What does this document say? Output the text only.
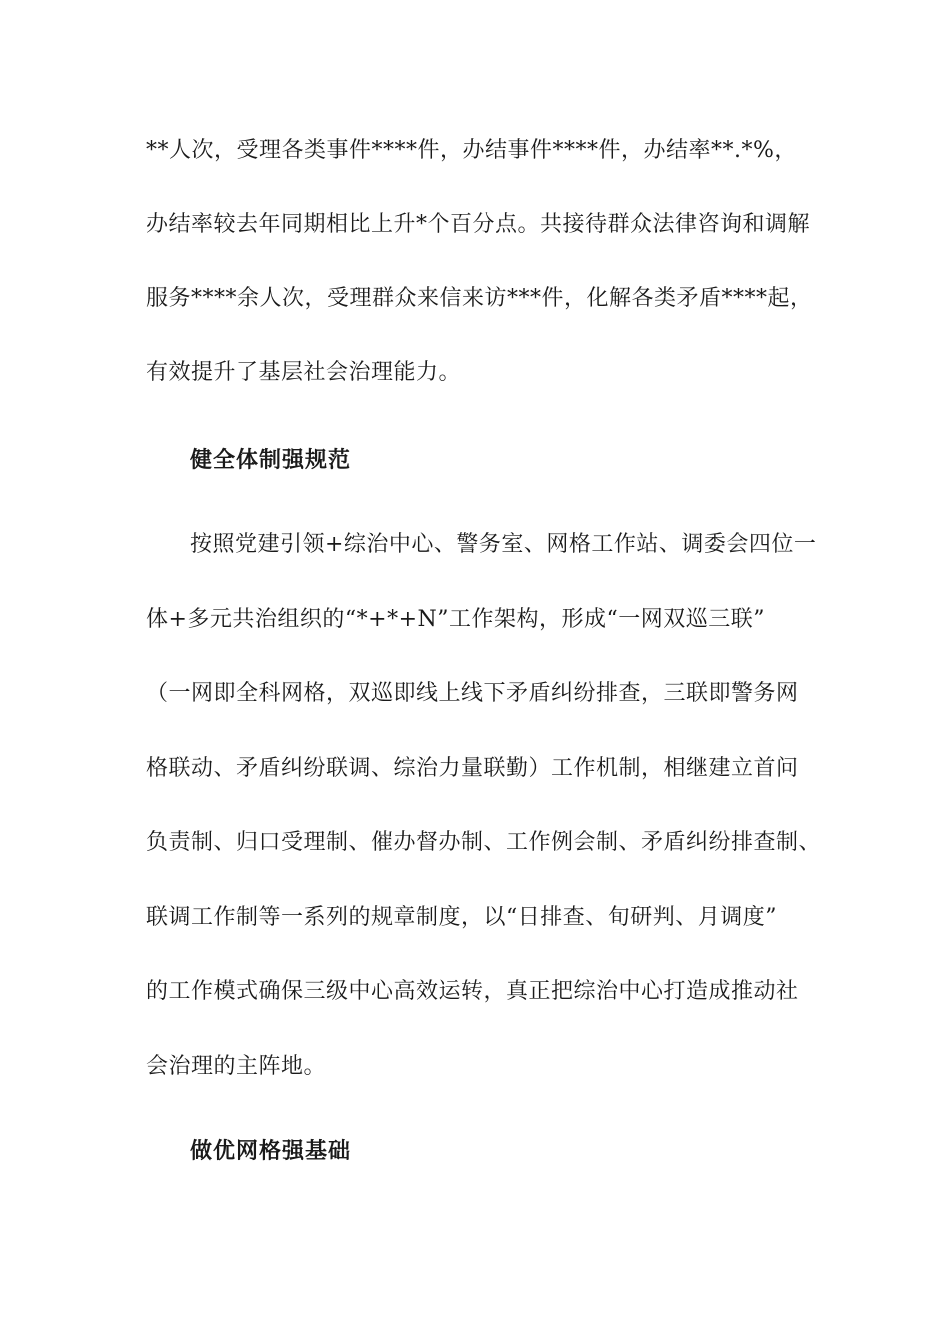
**人次，受理各类事件****件，办结事件****件，办结率**.*%，
办结率较去年同期相比上升*个百分点。共接待群众法律咨询和调解
服务****余人次，受理群众来信来访***件，化解各类矛盾****起，
有效提升了基层社会治理能力。
健全体制强规范
按照党建引领+综治中心、警务室、网格工作站、调委会四位一
体+多元共治组织的“*+*+N”工作架构，形成“一网双巡三联”
（一网即全科网格，双巡即线上线下矛盾纠纷排查，三联即警务网
格联动、矛盾纠纷联调、综治力量联勤）工作机制，相继建立首问
负责制、归口受理制、催办督办制、工作例会制、矛盾纠纷排查制、
联调工作制等一系列的规章制度，以“日排查、旬研判、月调度”
的工作模式确保三级中心高效运转，真正把综治中心打造成推动社
会治理的主阵地。
做优网格强基础
